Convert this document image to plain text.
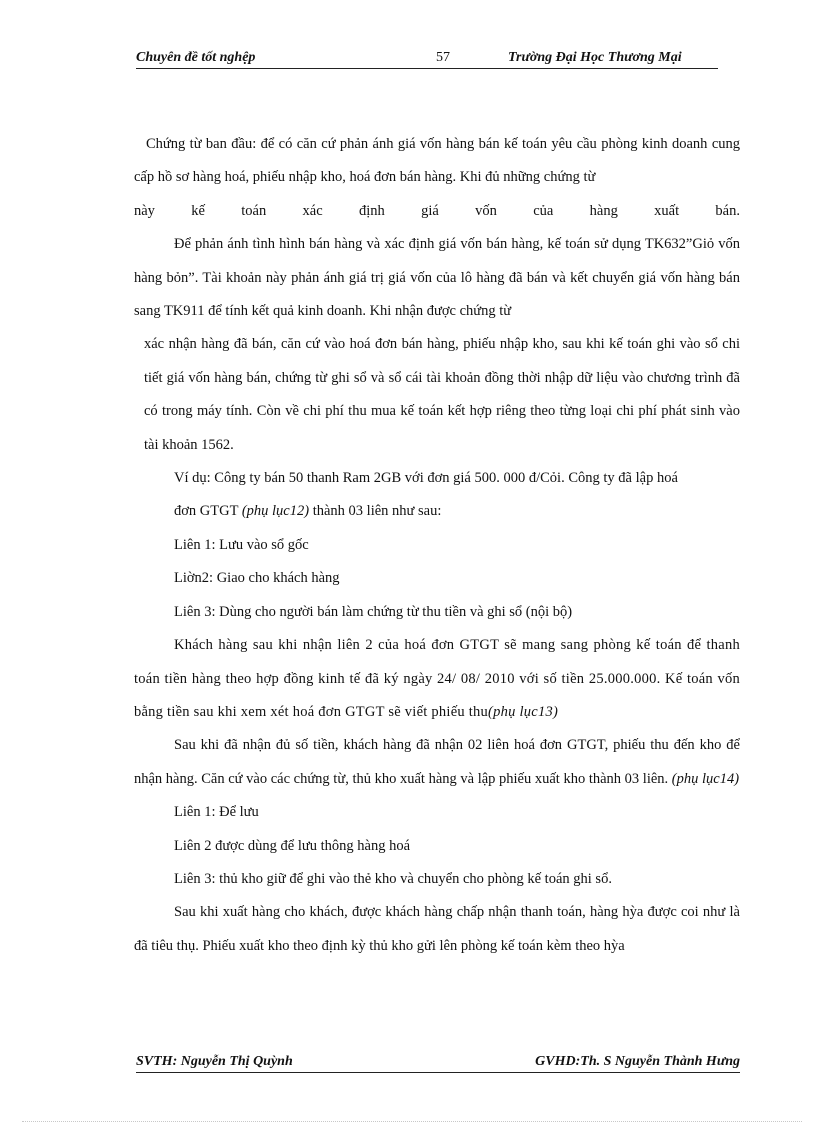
Chuyên đề tốt nghệp	57	Trường Đại Học Thương Mại

Chứng từ ban đầu: để có căn cứ phản ánh giá vốn hàng bán kế toán yêu cầu phòng kinh doanh cung cấp hồ sơ hàng hoá, phiếu nhập kho, hoá đơn bán hàng. Khi đủ những chứng từ

này kế toán xác định giá vốn của hàng xuất bán.

Để phản ánh tình hình bán hàng và xác định giá vốn bán hàng, kế toán sử dụng TK632”Giỏ vốn hàng bỏn”. Tài khoản này phản ánh giá trị giá vốn của lô hàng đã bán và kết chuyển giá vốn hàng bán sang TK911 để tính kết quả kinh doanh. Khi nhận được chứng từ

xác nhận hàng đã bán, căn cứ vào hoá đơn bán hàng, phiếu nhập kho, sau khi kế toán ghi vào sổ chi tiết giá vốn hàng bán, chứng từ ghi sổ và sổ cái tài khoản đồng thời nhập dữ liệu vào chương trình đã có trong máy tính. Còn về chi phí thu mua kế toán kết hợp riêng theo từng loại chi phí phát sinh vào tài khoản 1562.

Ví dụ: Công ty bán 50 thanh Ram 2GB với đơn giá 500. 000 đ/Cỏi. Công ty đã lập hoá

đơn GTGT (phụ lục12) thành 03 liên như sau:

Liên 1: Lưu vào sổ gốc

Liờn2: Giao cho khách hàng

Liên 3: Dùng cho người bán làm chứng từ thu tiền và ghi sổ (nội bộ)

Khách hàng sau khi nhận liên 2 của hoá đơn GTGT sẽ mang sang phòng kế toán để thanh toán tiền hàng theo hợp đồng kinh tế đã ký ngày 24/ 08/ 2010 với số tiền 25.000.000. Kế toán vốn bằng tiền sau khi xem xét hoá đơn GTGT sẽ viết phiếu thu(phụ lục13)

Sau khi đã nhận đủ số tiền, khách hàng đã nhận 02 liên hoá đơn GTGT, phiếu thu đến kho để nhận hàng. Căn cứ vào các chứng từ, thủ kho xuất hàng và lập phiếu xuất kho thành 03 liên. (phụ lục14)

Liên 1: Để lưu

Liên 2 được dùng để lưu thông hàng hoá

Liên 3: thủ kho giữ để ghi vào thẻ kho và chuyển cho phòng kế toán ghi sổ.

Sau khi xuất hàng cho khách, được khách hàng chấp nhận thanh toán, hàng hỳa được coi như là đã tiêu thụ. Phiếu xuất kho theo định kỳ thủ kho gửi lên phòng kế toán kèm theo hỳa

SVTH: Nguyễn Thị Quỳnh	GVHD:Th. S Nguyễn Thành Hưng
